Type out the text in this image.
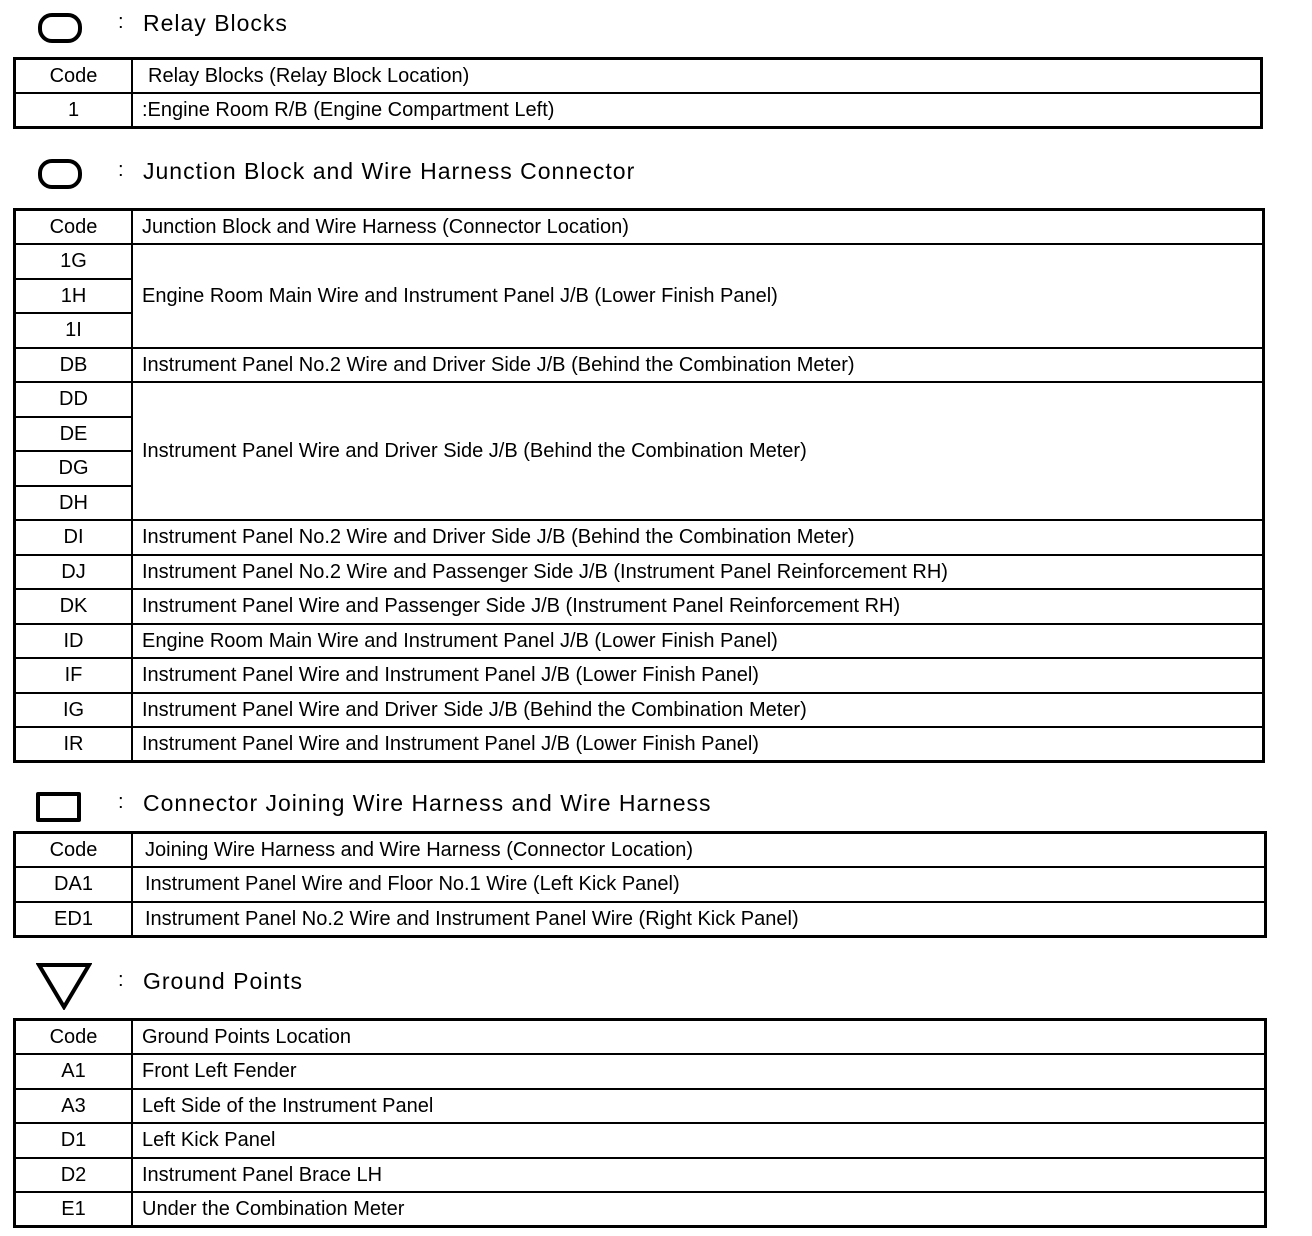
: Relay Blocks
Code	Relay Blocks (Relay Block Location)
1	:Engine Room R/B (Engine Compartment Left)
: Junction Block and Wire Harness Connector
Code	Junction Block and Wire Harness (Connector Location)
1G	Engine Room Main Wire and Instrument Panel J/B (Lower Finish Panel)
1H	
1I	
DB	Instrument Panel No.2 Wire and Driver Side J/B (Behind the Combination Meter)
DD	Instrument Panel Wire and Driver Side J/B (Behind the Combination Meter)
DE	
DG	
DH	
DI	Instrument Panel No.2 Wire and Driver Side J/B (Behind the Combination Meter)
DJ	Instrument Panel No.2 Wire and Passenger Side J/B (Instrument Panel Reinforcement RH)
DK	Instrument Panel Wire and Passenger Side J/B (Instrument Panel Reinforcement RH)
ID	Engine Room Main Wire and Instrument Panel J/B (Lower Finish Panel)
IF	Instrument Panel Wire and Instrument Panel J/B (Lower Finish Panel)
IG	Instrument Panel Wire and Driver Side J/B (Behind the Combination Meter)
IR	Instrument Panel Wire and Instrument Panel J/B (Lower Finish Panel)
: Connector Joining Wire Harness and Wire Harness
Code	Joining Wire Harness and Wire Harness (Connector Location)
DA1	Instrument Panel Wire and Floor No.1 Wire (Left Kick Panel)
ED1	Instrument Panel No.2 Wire and Instrument Panel Wire (Right Kick Panel)
: Ground Points
Code	Ground Points Location
A1	Front Left Fender
A3	Left Side of the Instrument Panel
D1	Left Kick Panel
D2	Instrument Panel Brace LH
E1	Under the Combination Meter
